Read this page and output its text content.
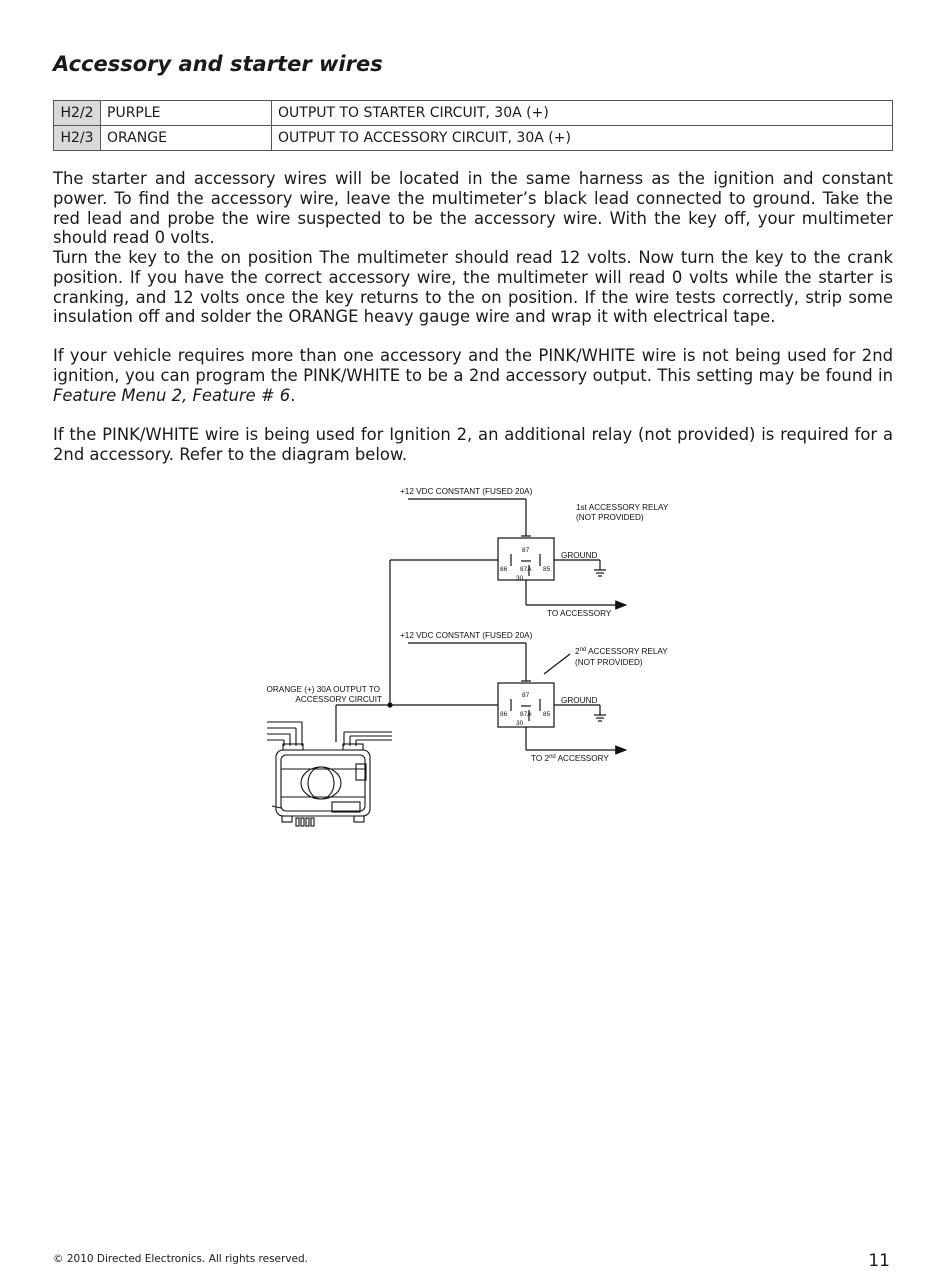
Accessory and starter wires
H2/2	PURPLE	OUTPUT TO STARTER CIRCUIT, 30A (+)
H2/3	ORANGE	OUTPUT TO ACCESSORY CIRCUIT, 30A (+)

The starter and accessory wires will be located in the same harness as the ignition and constant power. To find the accessory wire, leave the multimeter’s black lead connected to ground. Take the red lead and probe the wire suspected to be the accessory wire. With the key off, your multimeter should read 0 volts.

Turn the key to the on position The multimeter should read 12 volts. Now turn the key to the crank position. If you have the correct accessory wire, the multimeter will read 0 volts while the starter is cranking, and 12 volts once the key returns to the on position. If the wire tests correctly, strip some insulation off and solder the ORANGE heavy gauge wire and wrap it with electrical tape.

If your vehicle requires more than one accessory and the PINK/WHITE wire is not being used for 2nd ignition, you can program the PINK/WHITE to be a 2nd accessory output. This setting may be found in Feature Menu 2, Feature # 6.

If the PINK/WHITE wire is being used for Ignition 2, an additional relay (not provided) is required for a 2nd accessory. Refer to the diagram below.

+12 VDC CONSTANT (FUSED 20A)
1st ACCESSORY RELAY
(NOT PROVIDED)
GROUND
TO ACCESSORY
87
86 87A 85
30
+12 VDC CONSTANT (FUSED 20A)
2nd ACCESSORY RELAY
(NOT PROVIDED)
GROUND
TO 2nd ACCESSORY
87
86 87A 85
30
ORANGE (+) 30A OUTPUT TO
ACCESSORY CIRCUIT
© 2010 Directed Electronics. All rights reserved.	11
